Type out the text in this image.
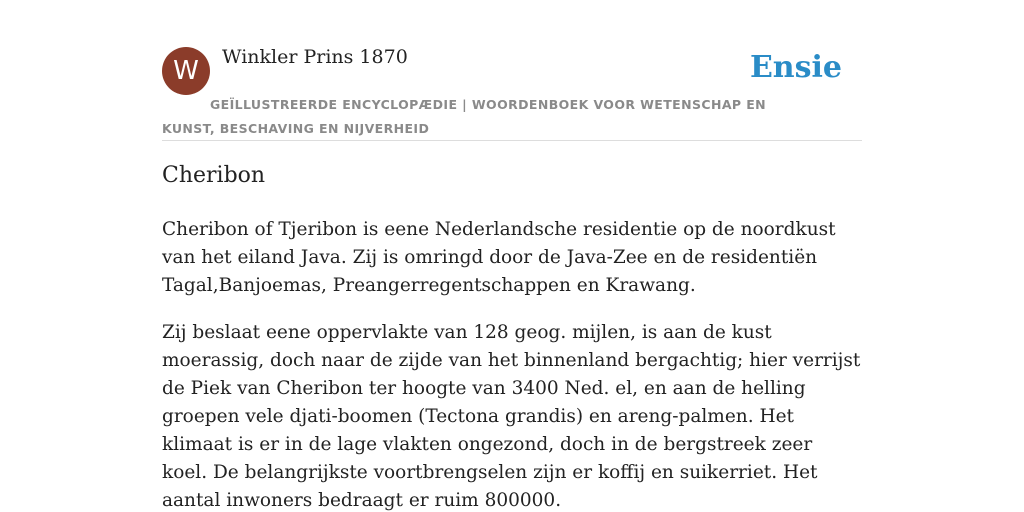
W	Winkler Prins 1870	Ensie
GEÏLLUSTREERDE ENCYCLOPÆDIE | WOORDENBOEK VOOR WETENSCHAP EN KUNST, BESCHAVING EN NIJVERHEID
Cheribon

Cheribon of Tjeribon is eene Nederlandsche residentie op de noordkust van het eiland Java. Zij is omringd door de Java-Zee en de residentiën Tagal,Banjoemas, Preangerregentschappen en Krawang.

Zij beslaat eene oppervlakte van 128 geog. mijlen, is aan de kust moerassig, doch naar de zijde van het binnenland bergachtig; hier verrijst de Piek van Cheribon ter hoogte van 3400 Ned. el, en aan de helling groepen vele djati-boomen (Tectona grandis) en areng-palmen. Het klimaat is er in de lage vlakten ongezond, doch in de bergstreek zeer koel. De belangrijkste voortbrengselen zijn er koffij en suikerriet. Het aantal inwoners bedraagt er ruim 800000.
